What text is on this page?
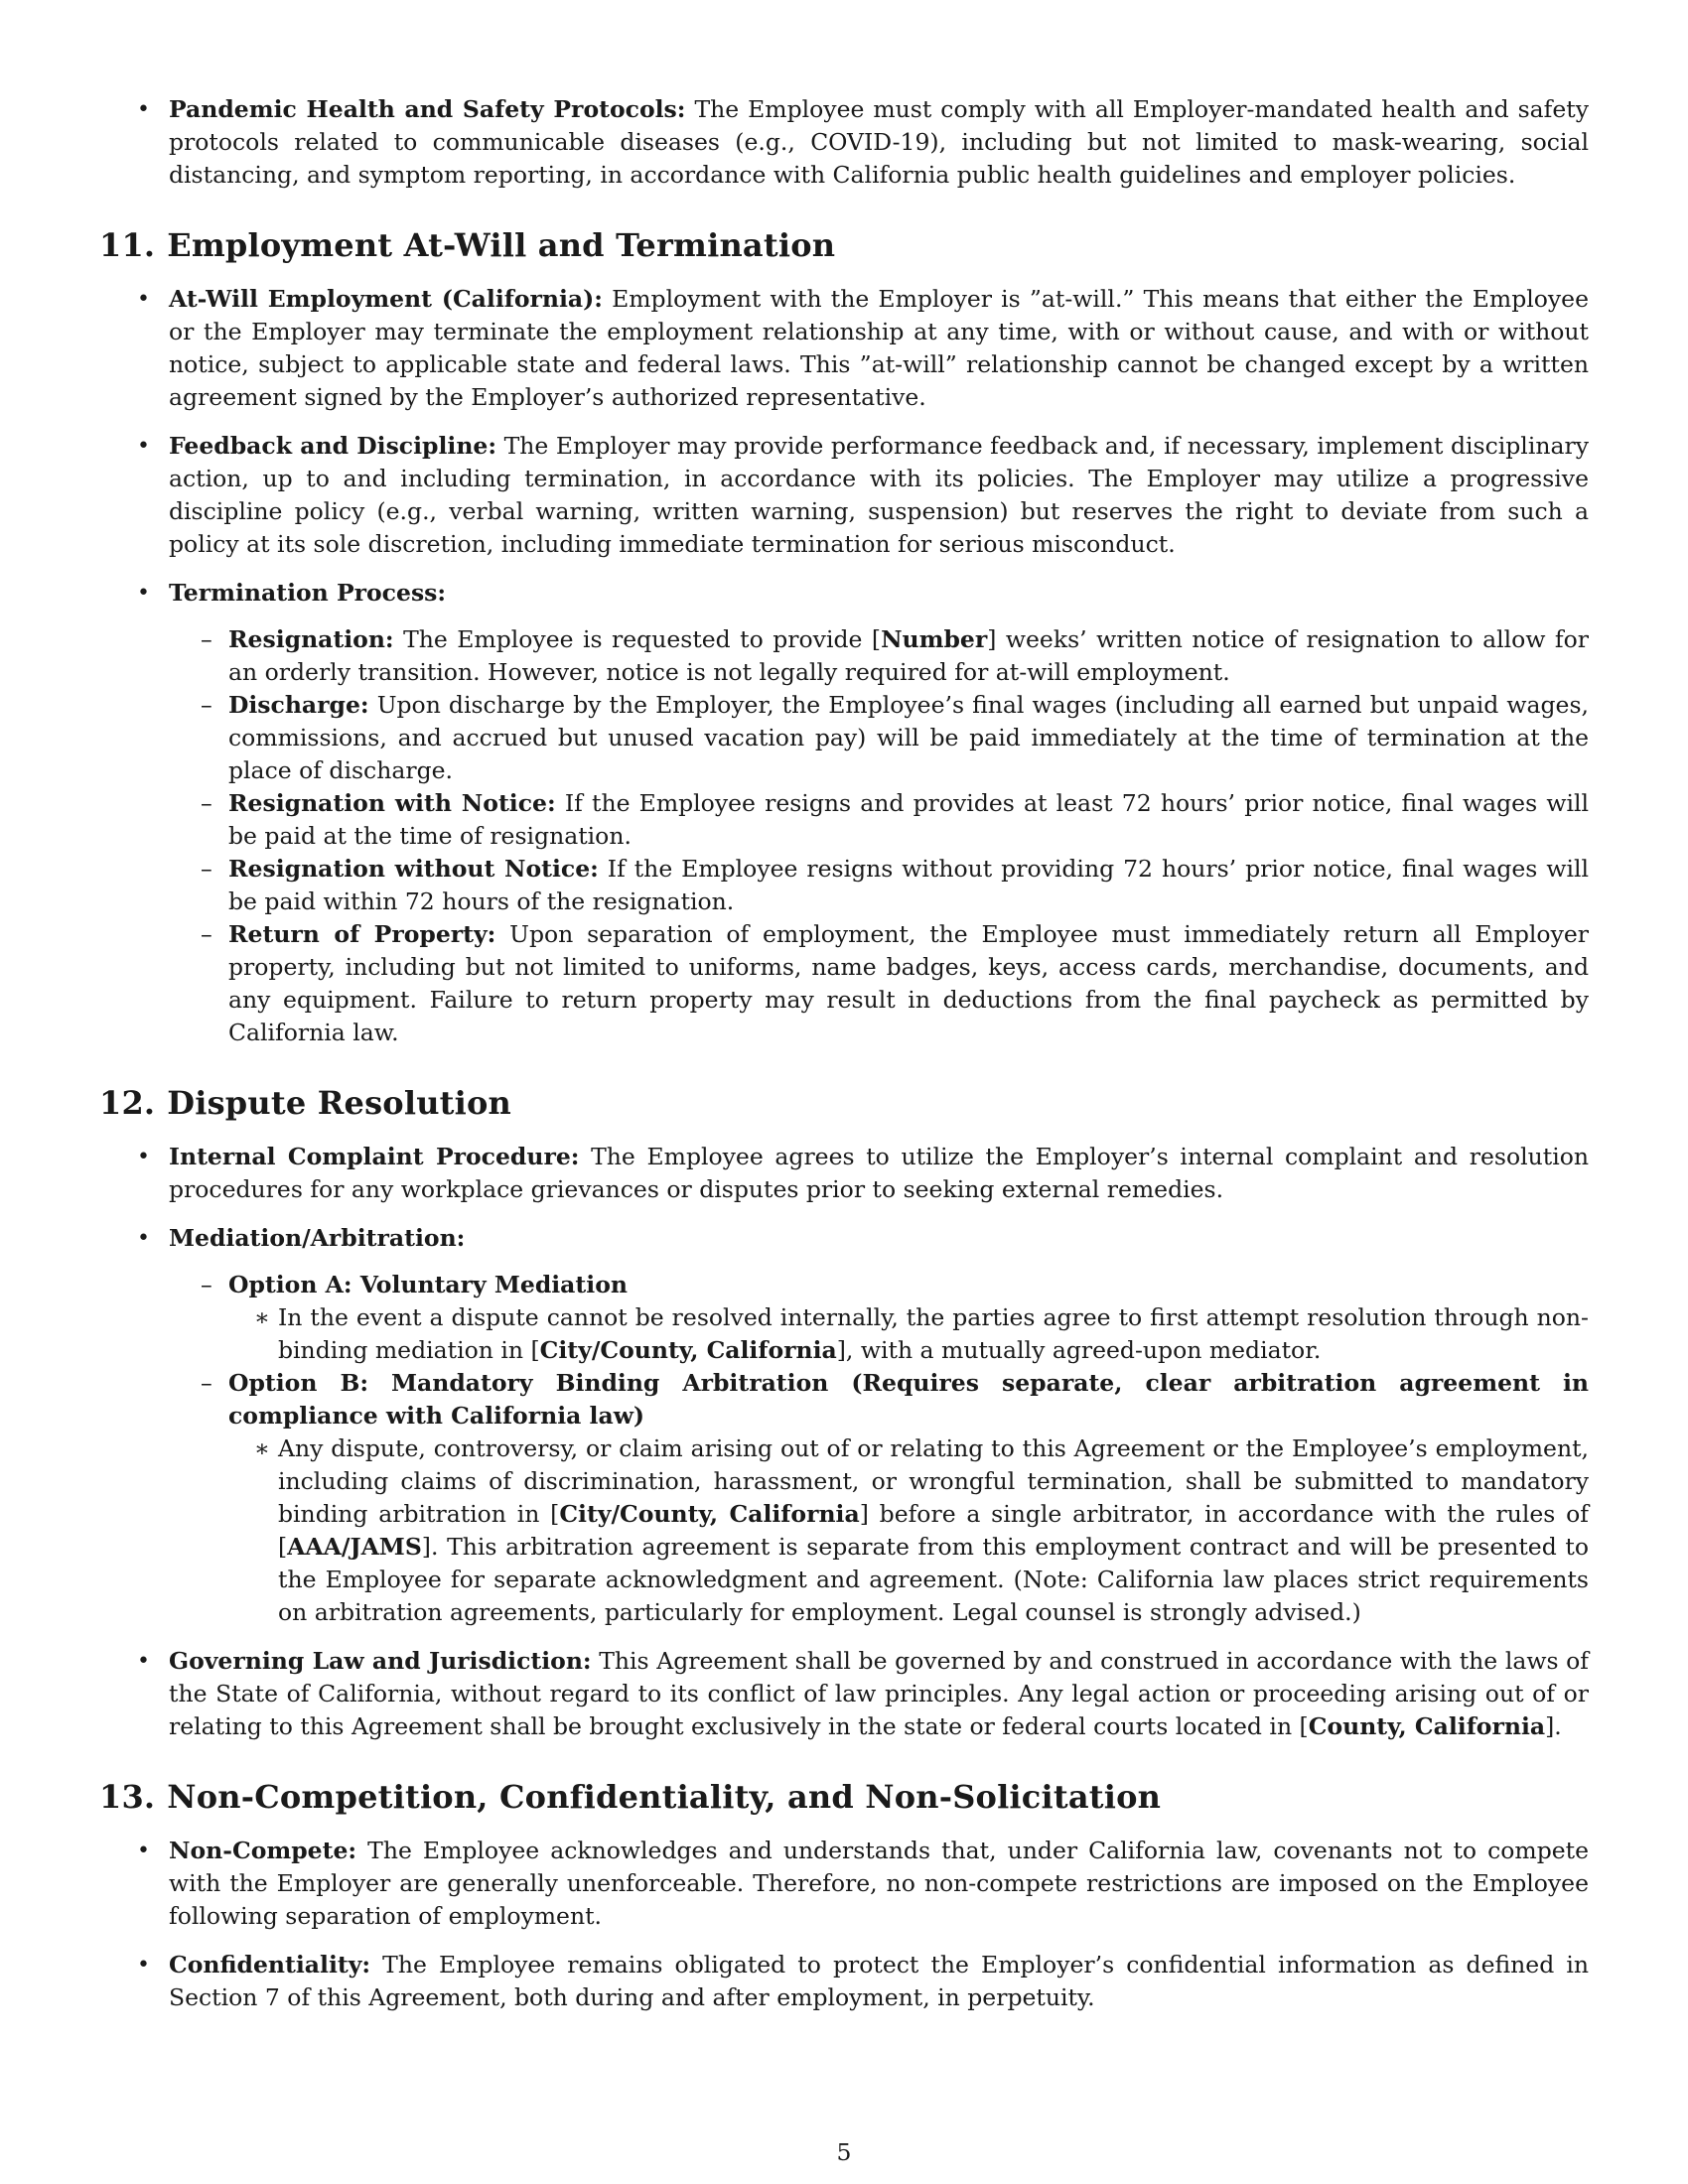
• Pandemic Health and Safety Protocols: The Employee must comply with all Employer-mandated health and safety protocols related to communicable diseases (e.g., COVID-19), including but not limited to mask-wearing, social distancing, and symptom reporting, in accordance with California public health guidelines and employer policies.
11. Employment At-Will and Termination
• At-Will Employment (California): Employment with the Employer is ”at-will.” This means that either the Employee or the Employer may terminate the employment relationship at any time, with or without cause, and with or without notice, subject to applicable state and federal laws. This ”at-will” relationship cannot be changed except by a written agreement signed by the Employer’s authorized representative.
• Feedback and Discipline: The Employer may provide performance feedback and, if necessary, implement disciplinary action, up to and including termination, in accordance with its policies. The Employer may utilize a progressive discipline policy (e.g., verbal warning, written warning, suspension) but reserves the right to deviate from such a policy at its sole discretion, including immediate termination for serious misconduct.
• Termination Process:
– Resignation: The Employee is requested to provide [Number] weeks’ written notice of resignation to allow for an orderly transition. However, notice is not legally required for at-will employment.
– Discharge: Upon discharge by the Employer, the Employee’s final wages (including all earned but unpaid wages, commissions, and accrued but unused vacation pay) will be paid immediately at the time of termination at the place of discharge.
– Resignation with Notice: If the Employee resigns and provides at least 72 hours’ prior notice, final wages will be paid at the time of resignation.
– Resignation without Notice: If the Employee resigns without providing 72 hours’ prior notice, final wages will be paid within 72 hours of the resignation.
– Return of Property: Upon separation of employment, the Employee must immediately return all Employer property, including but not limited to uniforms, name badges, keys, access cards, merchandise, documents, and any equipment. Failure to return property may result in deductions from the final paycheck as permitted by California law.
12. Dispute Resolution
• Internal Complaint Procedure: The Employee agrees to utilize the Employer’s internal complaint and resolution procedures for any workplace grievances or disputes prior to seeking external remedies.
• Mediation/Arbitration:
– Option A: Voluntary Mediation
∗ In the event a dispute cannot be resolved internally, the parties agree to first attempt resolution through non-binding mediation in [City/County, California], with a mutually agreed-upon mediator.
– Option B: Mandatory Binding Arbitration (Requires separate, clear arbitration agreement in compliance with California law)
∗ Any dispute, controversy, or claim arising out of or relating to this Agreement or the Employee’s employment, including claims of discrimination, harassment, or wrongful termination, shall be submitted to mandatory binding arbitration in [City/County, California] before a single arbitrator, in accordance with the rules of [AAA/JAMS]. This arbitration agreement is separate from this employment contract and will be presented to the Employee for separate acknowledgment and agreement. (Note: California law places strict requirements on arbitration agreements, particularly for employment. Legal counsel is strongly advised.)
• Governing Law and Jurisdiction: This Agreement shall be governed by and construed in accordance with the laws of the State of California, without regard to its conflict of law principles. Any legal action or proceeding arising out of or relating to this Agreement shall be brought exclusively in the state or federal courts located in [County, California].
13. Non-Competition, Confidentiality, and Non-Solicitation
• Non-Compete: The Employee acknowledges and understands that, under California law, covenants not to compete with the Employer are generally unenforceable. Therefore, no non-compete restrictions are imposed on the Employee following separation of employment.
• Confidentiality: The Employee remains obligated to protect the Employer’s confidential information as defined in Section 7 of this Agreement, both during and after employment, in perpetuity.
5
